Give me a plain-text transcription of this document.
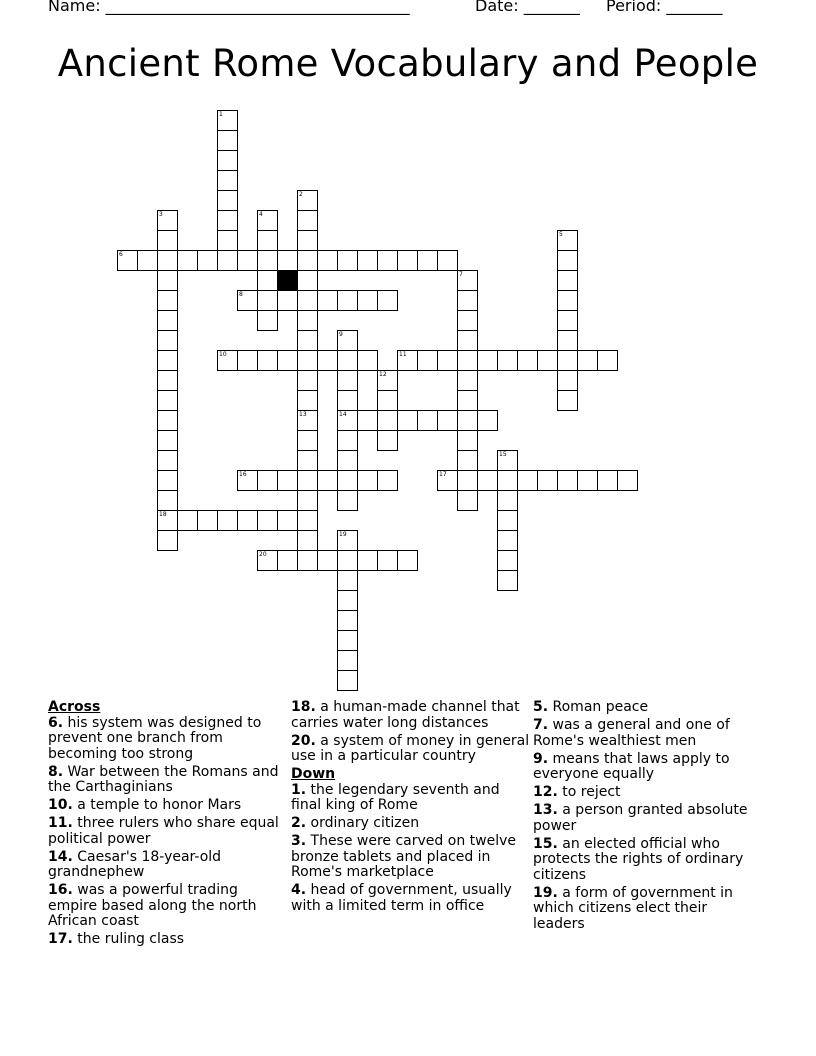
Name: ______________________________________	Date: _______ Period: _______
Ancient Rome Vocabulary and People
1
2
13
3
18
4
5
6
7
8
9
14
10	11
12
15
16	17
19
20
Across
6. his system was designed to prevent one branch from becoming too strong
8. War between the Romans and the Carthaginians
10. a temple to honor Mars
11. three rulers who share equal political power
14. Caesar's 18-year-old grandnephew
16. was a powerful trading empire based along the north African coast
17. the ruling class
18. a human-made channel that carries water long distances
20. a system of money in general use in a particular country
Down
1. the legendary seventh and final king of Rome
2. ordinary citizen
3. These were carved on twelve bronze tablets and placed in Rome's marketplace
4. head of government, usually with a limited term in office
5. Roman peace
7. was a general and one of Rome's wealthiest men
9. means that laws apply to everyone equally
12. to reject
13. a person granted absolute power
15. an elected official who protects the rights of ordinary citizens
19. a form of government in which citizens elect their leaders
